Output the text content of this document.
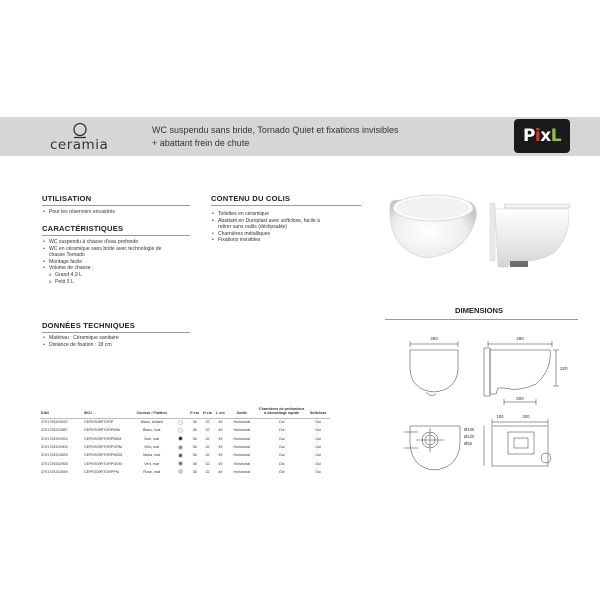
ceramia
WC suspendu sans bride, Tornado Quiet et fixations invisibles
+ abattant frein de chute	PixL
UTILISATION
• Pour les réservoirs encastrés
CARACTÉRISTIQUES
• WC suspendu à chasse d'eau profonde
• WC en céramique sans bride avec technologie de
chasse Tornado
• Montage facile
• Volume de chasse :
o Grand 4,9 L
o Petit 3 L
CONTENU DU COLIS
• Toilettes en céramique
• Abattant en Duroplast avec softclose, facile à
retirer sans outils (déclipsable)
• Charnières métalliques
• Fixations invisibles
DONNÉES TECHNIQUES
• Matériau : Céramique sanitaire
• Distance de fixation : 18 cm
DIMENSIONS
360	490
320
200
Ø100
Ø120
Ø55
100	300
EAN	SKU	Couleur / Finition		P cm	H cm	L cm	Sortie	Charnières de profondeur à démontage rapide	Softclose
3701729202632	CEPKS09RTORP	Blanc, brillant		36	32	49	Horizontal	Oui	Oui
3701729202887	CEPKS09RTORPWM	Blanc, mat		36	32	49	Horizontal	Oui	Oui
3701729202924	CEPKS09RTORPBKM	Noir, mat		36	32	49	Horizontal	Oui	Oui
3701729202900	CEPKS09RTORPGRM	Gris, mat		36	32	49	Horizontal	Oui	Oui
3701729202825	CEPKS09RTORPMOM	Moka, mat		36	32	49	Horizontal	Oui	Oui
3701729202955	CEPKS09RTORPGEM	Vert, mat		36	32	49	Horizontal	Oui	Oui
3701729202849	CEPKS09RTORPPM	Rosé, mat		36	32	49	Horizontal	Oui	Oui
